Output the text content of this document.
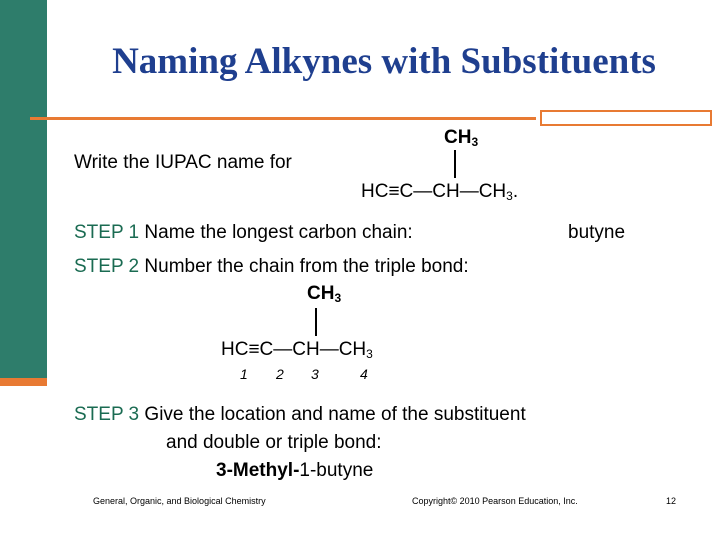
Naming Alkynes with Substituents
Write the IUPAC name for
$CH_3$
$HC\equiv C—CH—CH_3$.
STEP 1 Name the longest carbon chain:	butyne
STEP 2 Number the chain from the triple bond:
$CH_3$
$HC\equiv C—CH—CH_3$
1 2 3	4
STEP 3 Give the location and name of the substituent
and double or triple bond:
3-Methyl-1-butyne
General, Organic, and Biological Chemistry	Copyright© 2010 Pearson Education, Inc.	12
